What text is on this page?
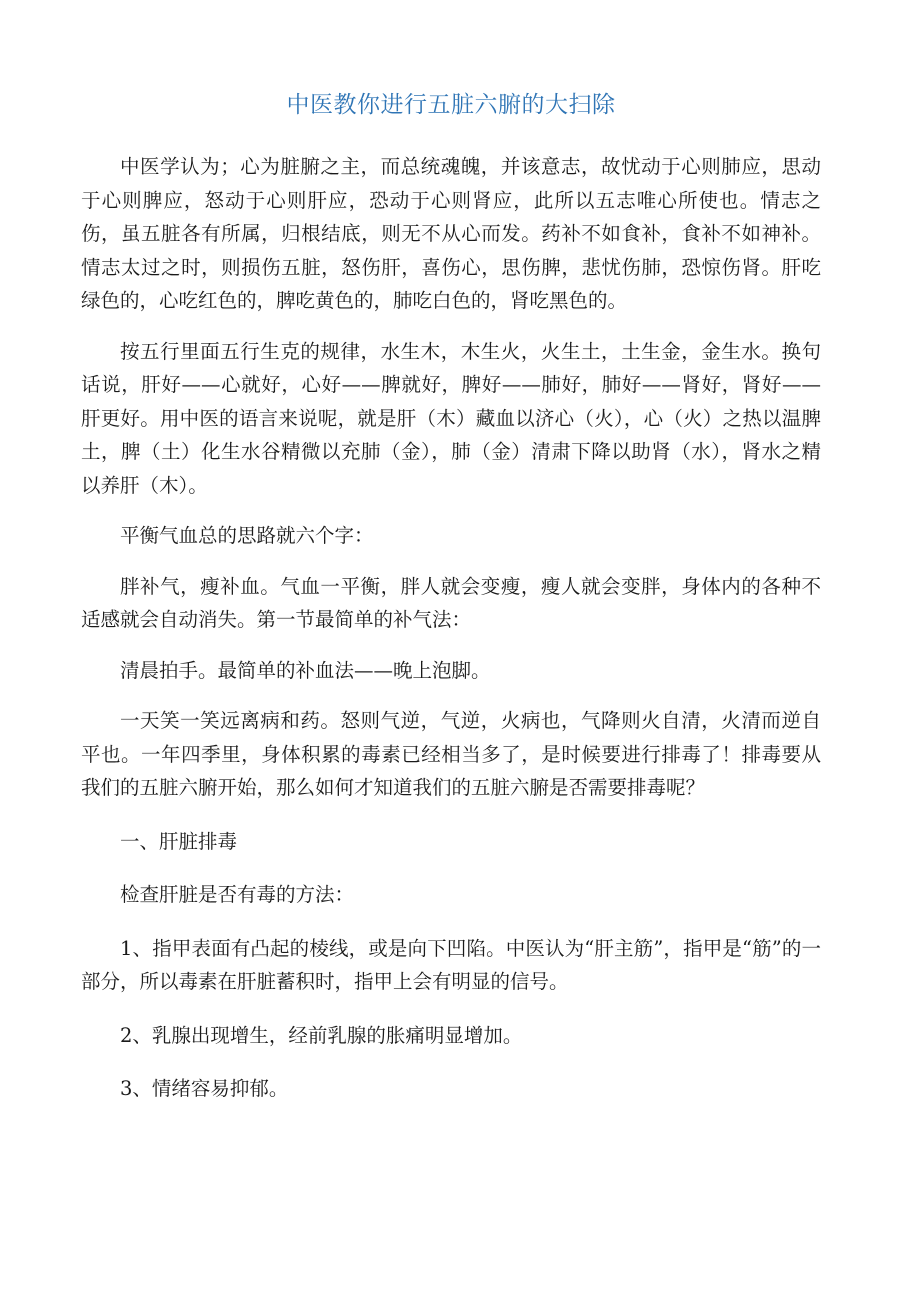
中医教你进行五脏六腑的大扫除

中医学认为；心为脏腑之主，而总统魂魄，并该意志，故忧动于心则肺应，思动于心则脾应，怒动于心则肝应，恐动于心则肾应，此所以五志唯心所使也。情志之伤，虽五脏各有所属，归根结底，则无不从心而发。药补不如食补，食补不如神补。情志太过之时，则损伤五脏，怒伤肝，喜伤心，思伤脾，悲忧伤肺，恐惊伤肾。肝吃绿色的，心吃红色的，脾吃黄色的，肺吃白色的，肾吃黑色的。

按五行里面五行生克的规律，水生木，木生火，火生土，土生金，金生水。换句话说，肝好——心就好，心好——脾就好，脾好——肺好，肺好——肾好，肾好——肝更好。用中医的语言来说呢，就是肝（木）藏血以济心（火），心（火）之热以温脾土，脾（土）化生水谷精微以充肺（金），肺（金）清肃下降以助肾（水），肾水之精以养肝（木）。

平衡气血总的思路就六个字：

胖补气，瘦补血。气血一平衡，胖人就会变瘦，瘦人就会变胖，身体内的各种不适感就会自动消失。第一节最简单的补气法：

清晨拍手。最简单的补血法——晚上泡脚。

一天笑一笑远离病和药。怒则气逆，气逆，火病也，气降则火自清，火清而逆自平也。一年四季里，身体积累的毒素已经相当多了，是时候要进行排毒了！排毒要从我们的五脏六腑开始，那么如何才知道我们的五脏六腑是否需要排毒呢？

一、肝脏排毒

检查肝脏是否有毒的方法：

1、指甲表面有凸起的棱线，或是向下凹陷。中医认为“肝主筋”，指甲是“筋”的一部分，所以毒素在肝脏蓄积时，指甲上会有明显的信号。

2、乳腺出现增生，经前乳腺的胀痛明显增加。

3、情绪容易抑郁。
